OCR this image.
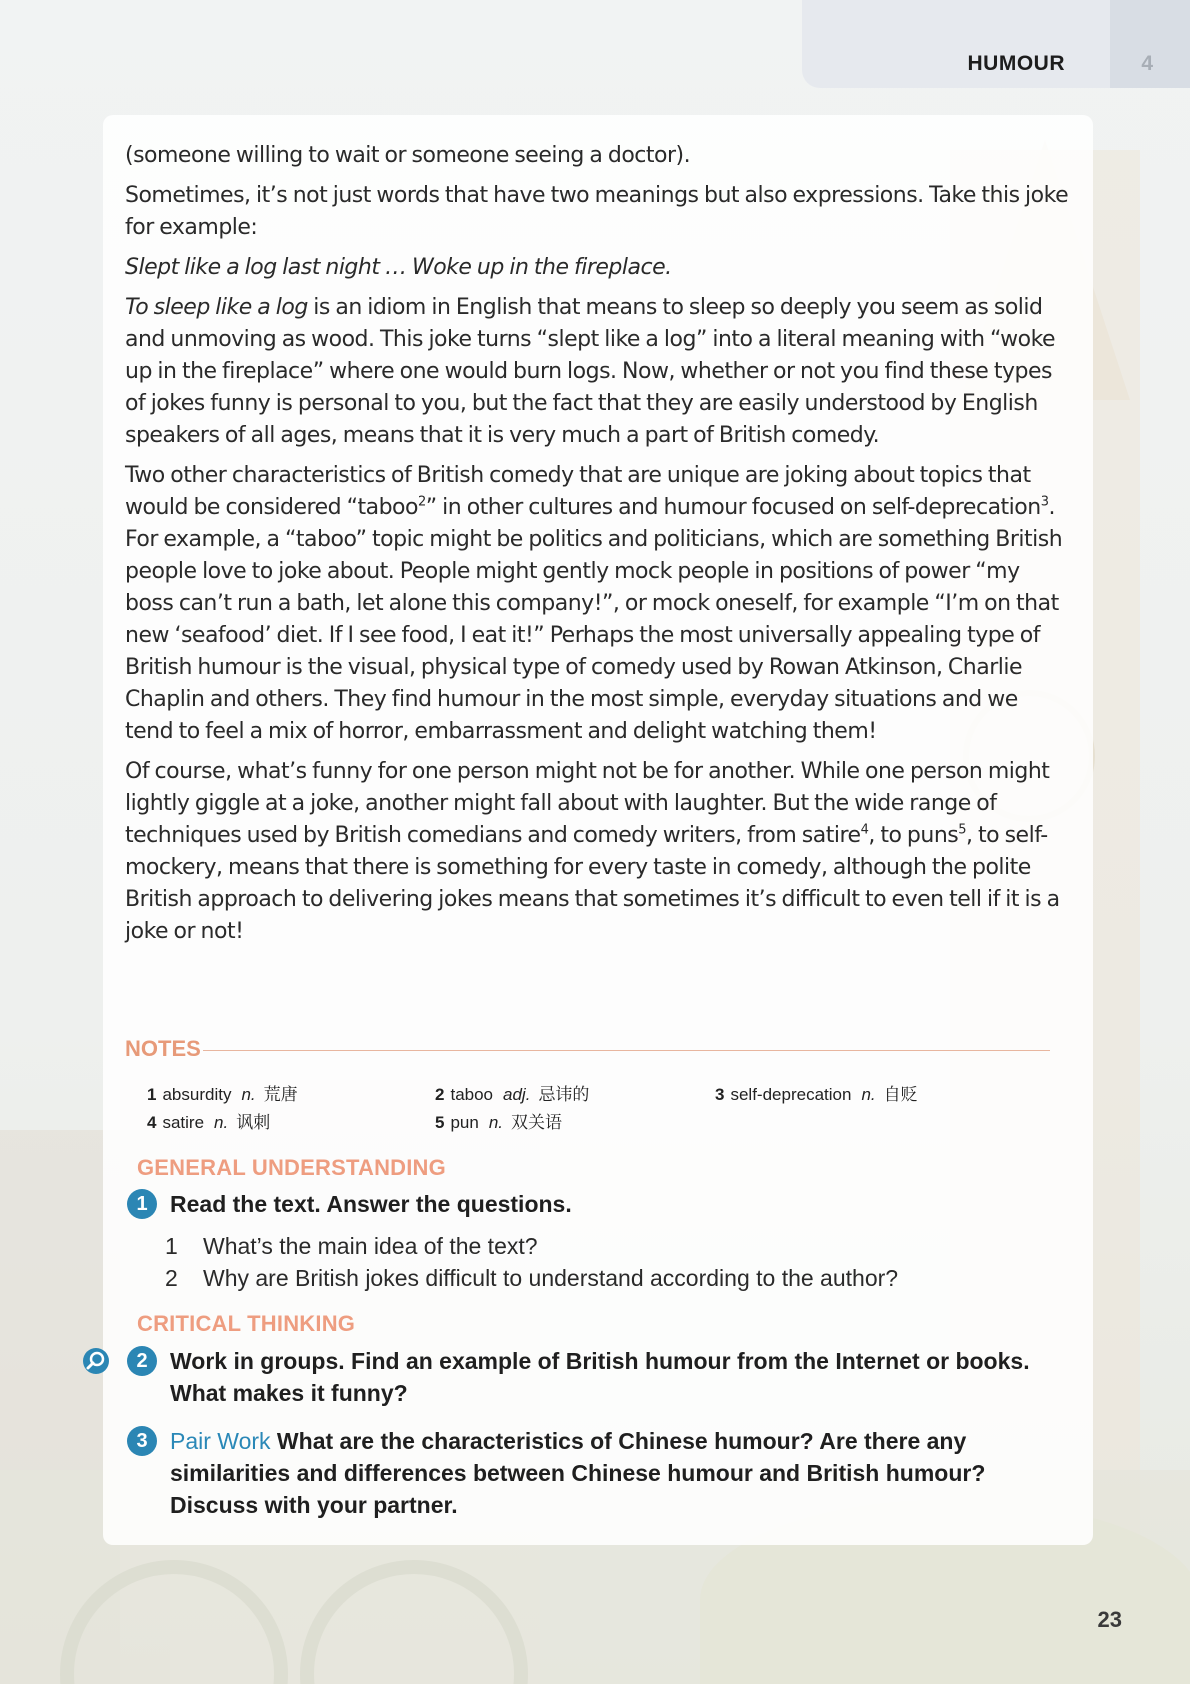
HUMOUR	4

(someone willing to wait or someone seeing a doctor).

Sometimes, it’s not just words that have two meanings but also expressions. Take this joke for example:

Slept like a log last night … Woke up in the fireplace.

To sleep like a log is an idiom in English that means to sleep so deeply you seem as solid and unmoving as wood. This joke turns “slept like a log” into a literal meaning with “woke up in the fireplace” where one would burn logs. Now, whether or not you find these types of jokes funny is personal to you, but the fact that they are easily understood by English speakers of all ages, means that it is very much a part of British comedy.

Two other characteristics of British comedy that are unique are joking about topics that would be considered “taboo$^2$” in other cultures and humour focused on self-deprecation$^3$. For example, a “taboo” topic might be politics and politicians, which are something British people love to joke about. People might gently mock people in positions of power “my boss can’t run a bath, let alone this company!”, or mock oneself, for example “I’m on that new ‘seafood’ diet. If I see food, I eat it!” Perhaps the most universally appealing type of British humour is the visual, physical type of comedy used by Rowan Atkinson, Charlie Chaplin and others. They find humour in the most simple, everyday situations and we tend to feel a mix of horror, embarrassment and delight watching them!

Of course, what’s funny for one person might not be for another. While one person might lightly giggle at a joke, another might fall about with laughter. But the wide range of techniques used by British comedians and comedy writers, from satire$^4$, to puns$^5$, to self-mockery, means that there is something for every taste in comedy, although the polite British approach to delivering jokes means that sometimes it’s difficult to even tell if it is a joke or not!

NOTES
1 absurdity n. 荒唐	2 taboo adj. 忌讳的	3 self-deprecation n. 自贬
4 satire n. 讽刺	5 pun n. 双关语
GENERAL UNDERSTANDING
1 Read the text. Answer the questions.
1 What’s the main idea of the text?
2 Why are British jokes difficult to understand according to the author?
CRITICAL THINKING
2 Work in groups. Find an example of British humour from the Internet or books. What makes it funny?
3 Pair Work What are the characteristics of Chinese humour? Are there any similarities and differences between Chinese humour and British humour? Discuss with your partner.
23
